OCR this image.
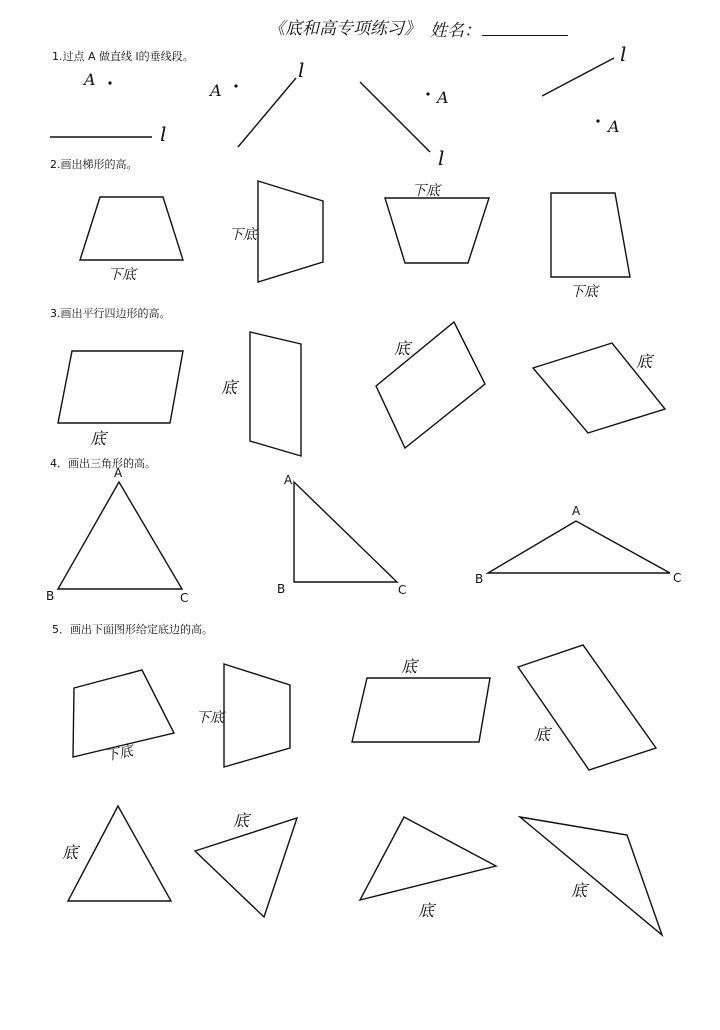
《底和高专项练习》 姓名：
1.过点 A 做直线 l的垂线段。
2.画出梯形的高。
3.画出平行四边形的高。
4．画出三角形的高。
5．画出下面图形给定底边的高。
A
A	A
A
l
l
l
l
下底
下底
下底
下底
底
底
底
底
A
B	C
A
B	C
A
B	C
下底
下底
底
底
底
底
底
底
